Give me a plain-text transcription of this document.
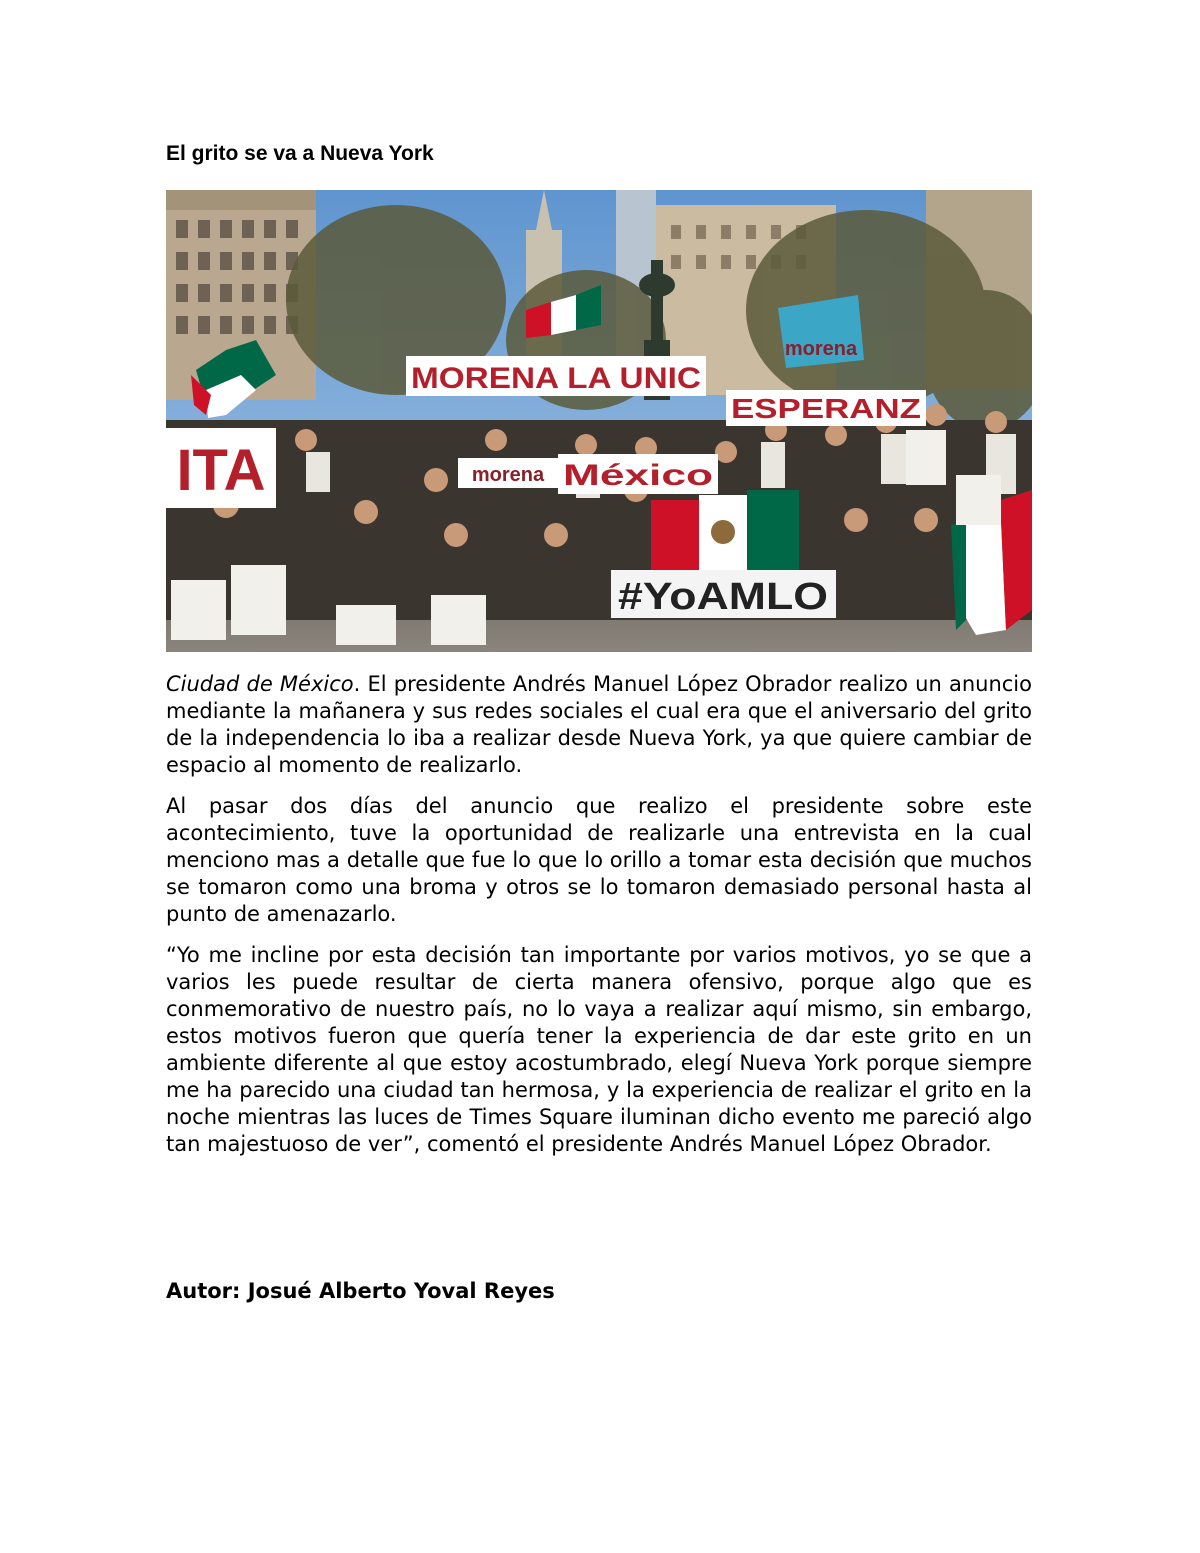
El grito se va a Nueva York
MORENA LA UNIC
ESPERANZ
morena
ITA	morena México
#YoAMLO

Ciudad de México. El presidente Andrés Manuel López Obrador realizo un anuncio mediante la mañanera y sus redes sociales el cual era que el aniversario del grito de la independencia lo iba a realizar desde Nueva York, ya que quiere cambiar de espacio al momento de realizarlo.

Al pasar dos días del anuncio que realizo el presidente sobre este acontecimiento, tuve la oportunidad de realizarle una entrevista en la cual menciono mas a detalle que fue lo que lo orillo a tomar esta decisión que muchos se tomaron como una broma y otros se lo tomaron demasiado personal hasta al punto de amenazarlo.

“Yo me incline por esta decisión tan importante por varios motivos, yo se que a varios les puede resultar de cierta manera ofensivo, porque algo que es conmemorativo de nuestro país, no lo vaya a realizar aquí mismo, sin embargo, estos motivos fueron que quería tener la experiencia de dar este grito en un ambiente diferente al que estoy acostumbrado, elegí Nueva York porque siempre me ha parecido una ciudad tan hermosa, y la experiencia de realizar el grito en la noche mientras las luces de Times Square iluminan dicho evento me pareció algo tan majestuoso de ver”, comentó el presidente Andrés Manuel López Obrador.

Autor: Josué Alberto Yoval Reyes
